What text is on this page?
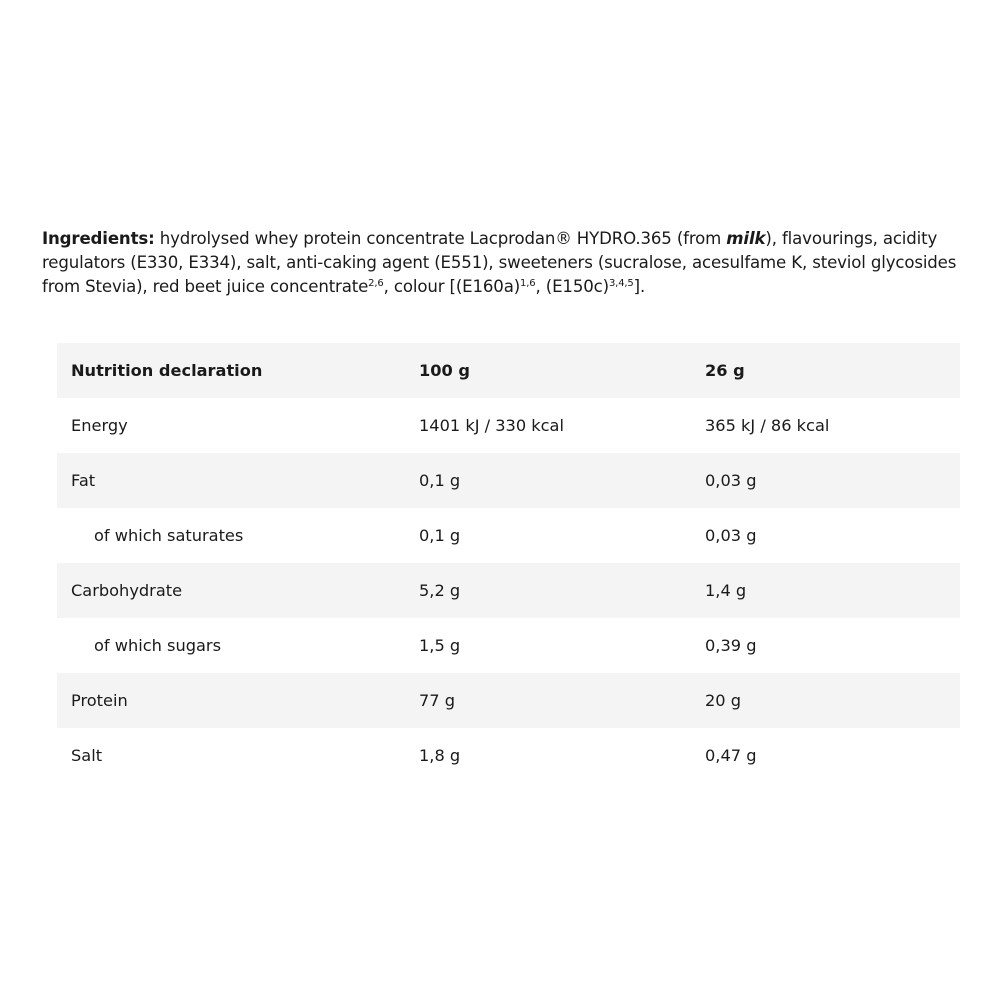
Ingredients: hydrolysed whey protein concentrate Lacprodan® HYDRO.365 (from milk), flavourings, acidity regulators (E330, E334), salt, anti-caking agent (E551), sweeteners (sucralose, acesulfame K, steviol glycosides from Stevia), red beet juice concentrate$^{2,6}$, colour [$(E160a)^{1,6}$, $(E150c)^{3,4,5}$].
Nutrition declaration	100 g	26 g
Energy	1401 kJ / 330 kcal	365 kJ / 86 kcal
Fat	0,1 g	0,03 g
of which saturates	0,1 g	0,03 g
Carbohydrate	5,2 g	1,4 g
of which sugars	1,5 g	0,39 g
Protein	77 g	20 g
Salt	1,8 g	0,47 g
